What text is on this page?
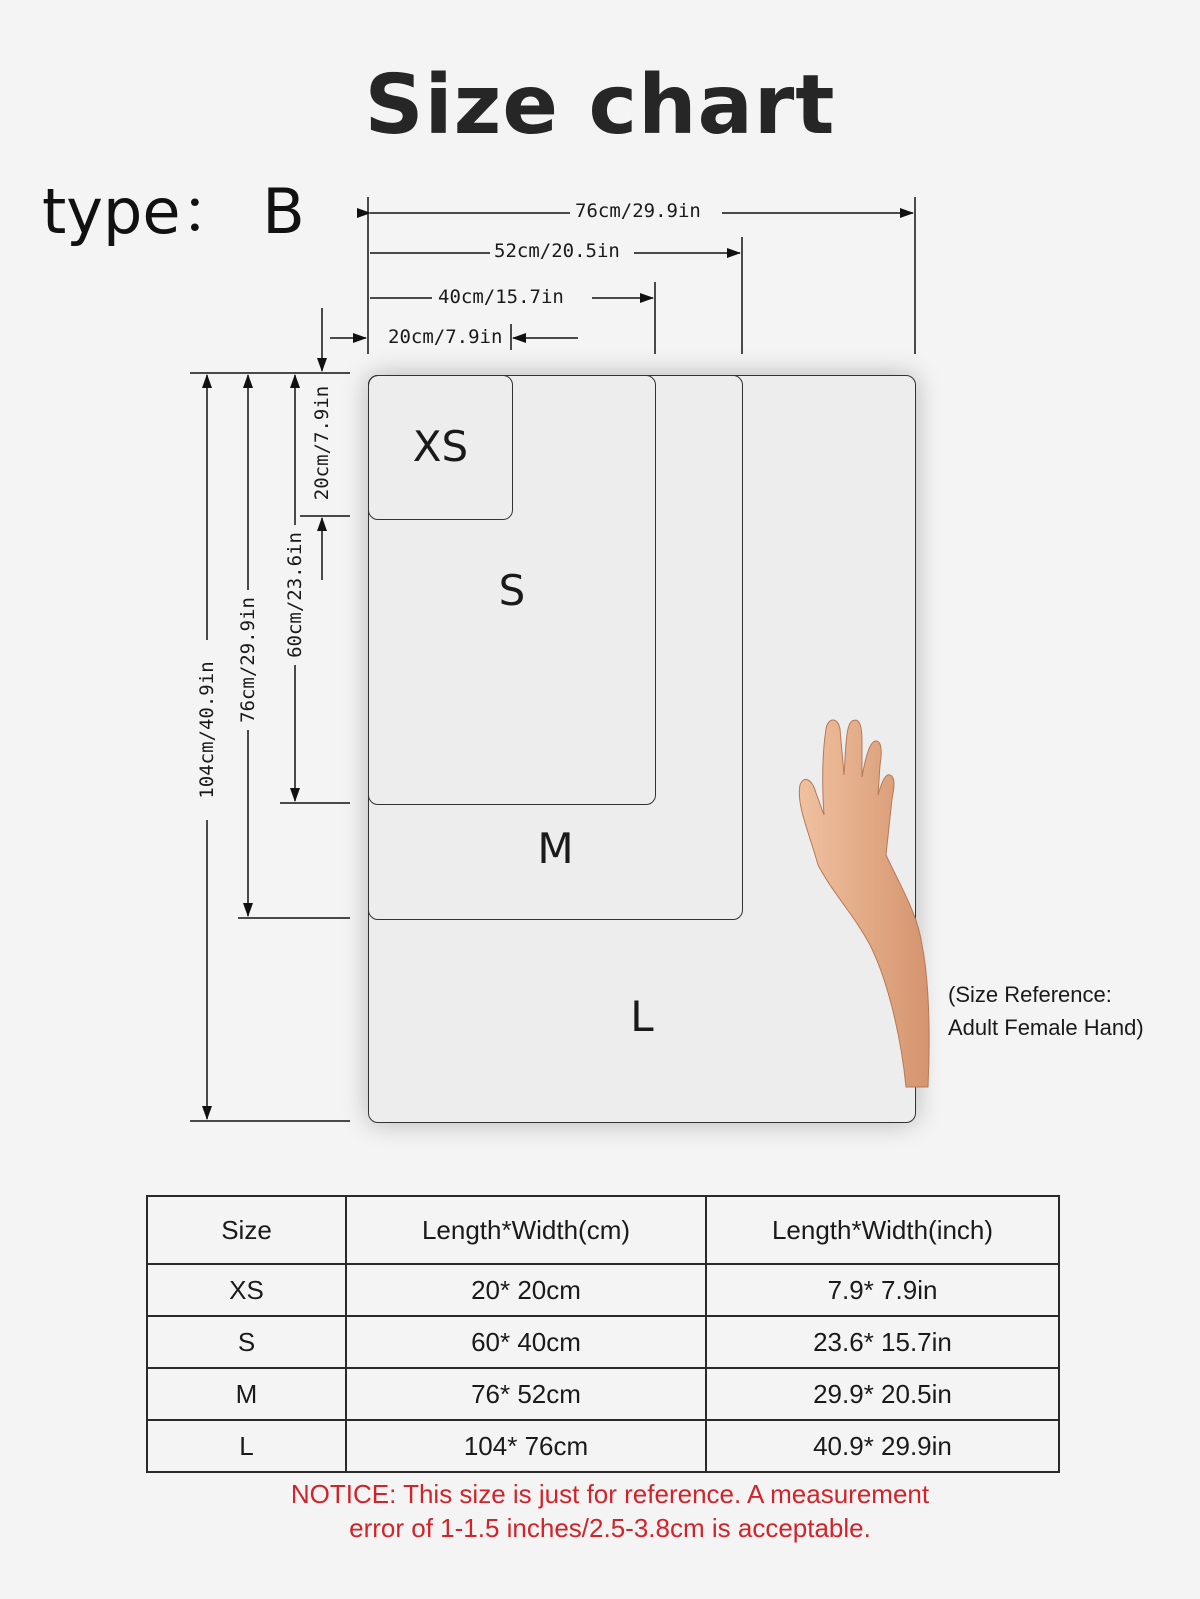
Size chart
type： B	76cm/29.9in
52cm/20.5in
40cm/15.7in
20cm/7.9in
104cm/40.9in
76cm/29.9in
60cm/23.6in
20cm/7.9in	XS
S
M
L	(Size Reference:
Adult Female Hand)
Size	Length*Width(cm)	Length*Width(inch)
XS	20* 20cm	7.9* 7.9in
S	60* 40cm	23.6* 15.7in
M	76* 52cm	29.9* 20.5in
L	104* 76cm	40.9* 29.9in
NOTICE: This size is just for reference. A measurement
error of 1-1.5 inches/2.5-3.8cm is acceptable.
